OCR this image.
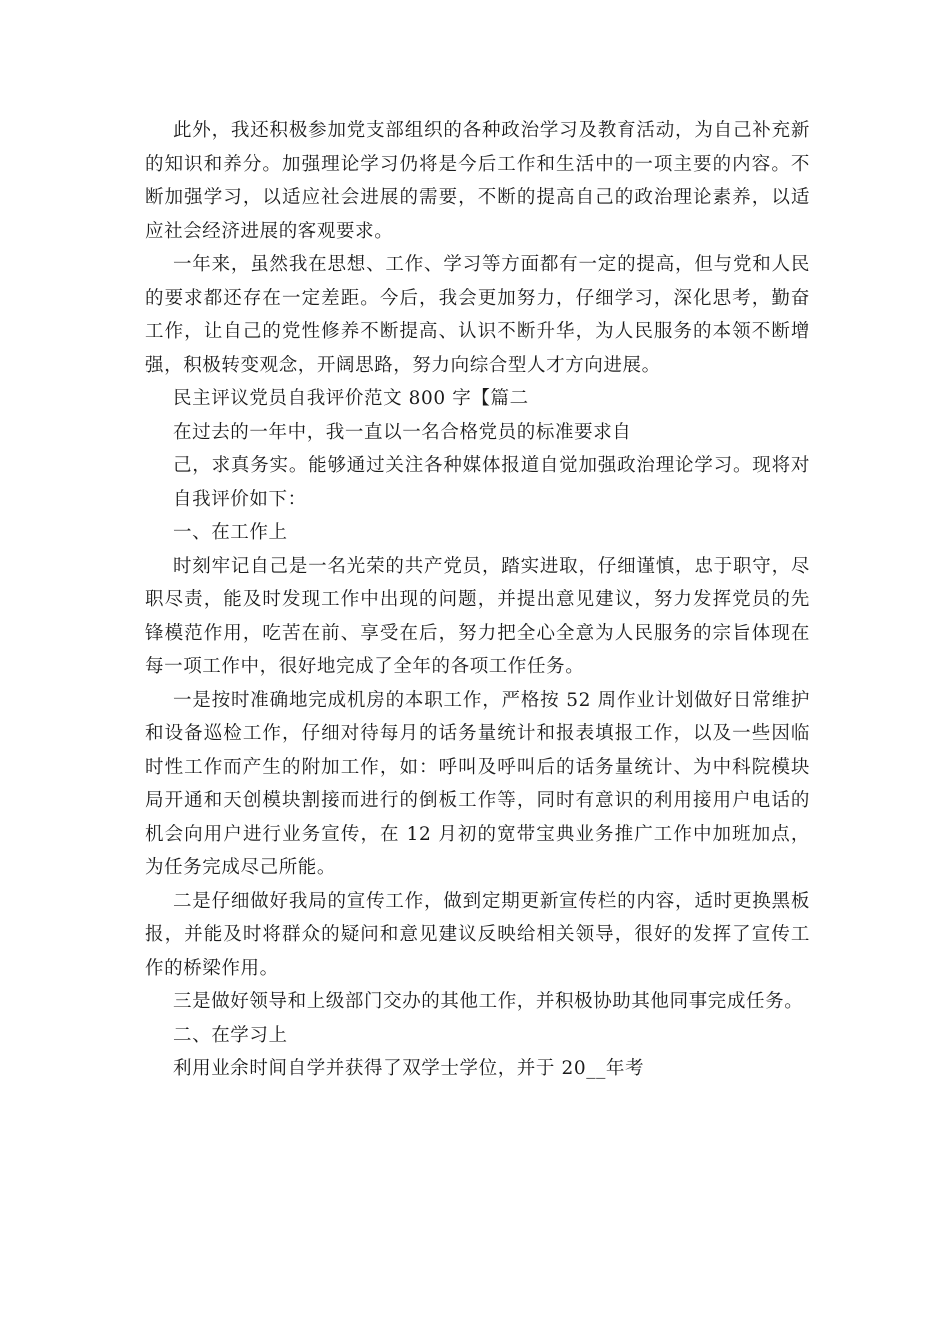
此外，我还积极参加党支部组织的各种政治学习及教育活动，为自己补充新的知识和养分。加强理论学习仍将是今后工作和生活中的一项主要的内容。不断加强学习，以适应社会进展的需要，不断的提高自己的政治理论素养，以适应社会经济进展的客观要求。

一年来，虽然我在思想、工作、学习等方面都有一定的提高，但与党和人民的要求都还存在一定差距。今后，我会更加努力，仔细学习，深化思考，勤奋工作，让自己的党性修养不断提高、认识不断升华，为人民服务的本领不断增强，积极转变观念，开阔思路，努力向综合型人才方向进展。

民主评议党员自我评价范文 800 字【篇二

在过去的一年中，我一直以一名合格党员的标准要求自

己，求真务实。能够通过关注各种媒体报道自觉加强政治理论学习。现将对自我评价如下：

一、在工作上

时刻牢记自己是一名光荣的共产党员，踏实进取，仔细谨慎，忠于职守，尽职尽责，能及时发现工作中出现的问题，并提出意见建议，努力发挥党员的先锋模范作用，吃苦在前、享受在后，努力把全心全意为人民服务的宗旨体现在每一项工作中，很好地完成了全年的各项工作任务。

一是按时准确地完成机房的本职工作，严格按 52 周作业计划做好日常维护和设备巡检工作，仔细对待每月的话务量统计和报表填报工作，以及一些因临时性工作而产生的附加工作，如：呼叫及呼叫后的话务量统计、为中科院模块局开通和天创模块割接而进行的倒板工作等，同时有意识的利用接用户电话的机会向用户进行业务宣传，在 12 月初的宽带宝典业务推广工作中加班加点，为任务完成尽己所能。

二是仔细做好我局的宣传工作，做到定期更新宣传栏的内容，适时更换黑板报，并能及时将群众的疑问和意见建议反映给相关领导，很好的发挥了宣传工作的桥梁作用。

三是做好领导和上级部门交办的其他工作，并积极协助其他同事完成任务。

二、在学习上

利用业余时间自学并获得了双学士学位，并于 20__年考
